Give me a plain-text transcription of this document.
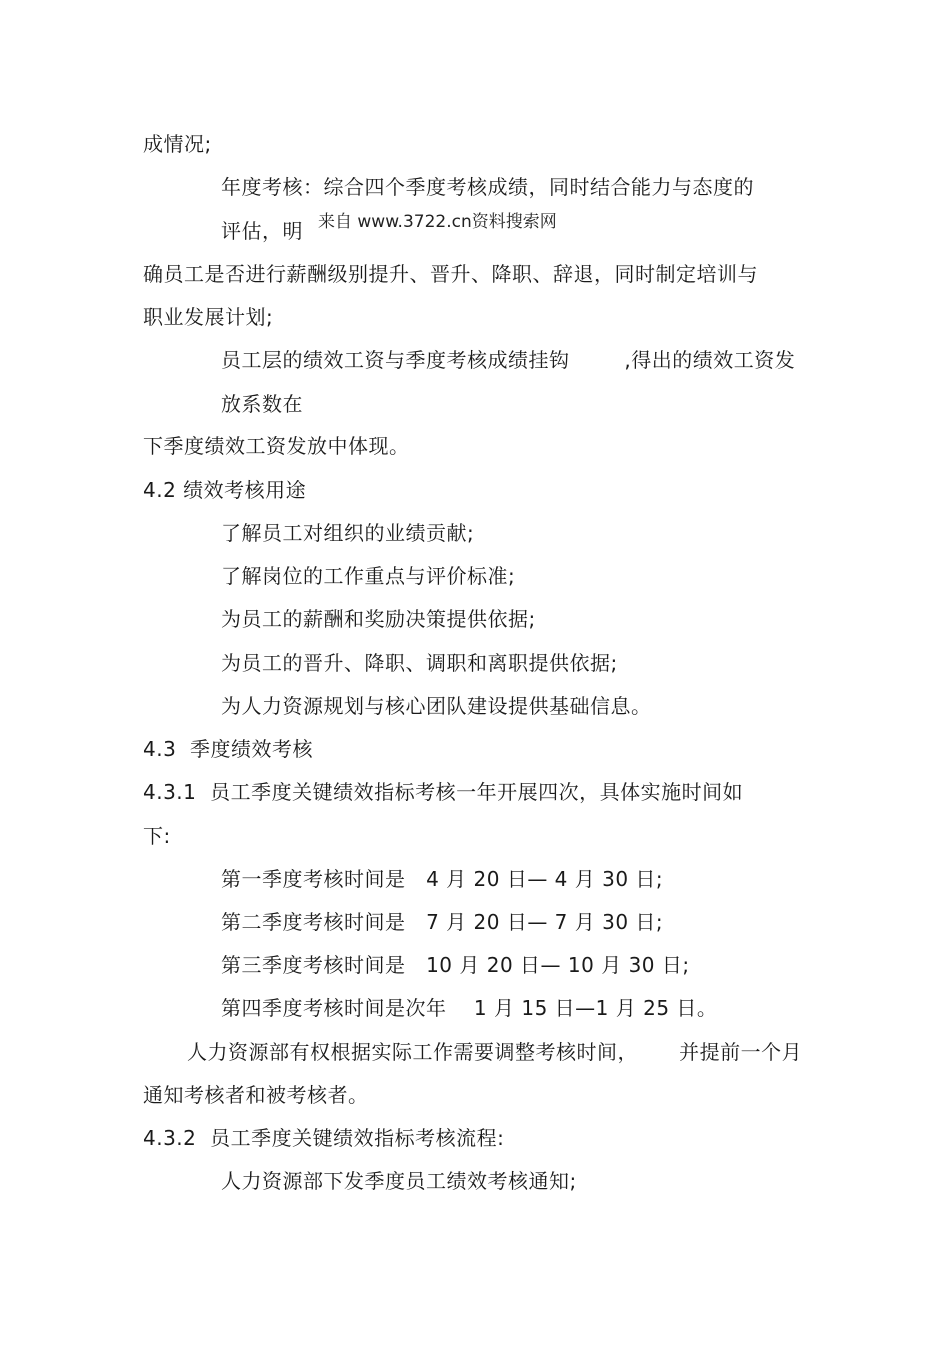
成情况;
年度考核：综合四个季度考核成绩，同时结合能力与态度的
评估，明 来自 www.3722.cn资料搜索网
确员工是否进行薪酬级别提升、晋升、降职、辞退，同时制定培训与
职业发展计划;
员工层的绩效工资与季度考核成绩挂钩        ,得出的绩效工资发
放系数在
下季度绩效工资发放中体现。
4.2 绩效考核用途
了解员工对组织的业绩贡献;
了解岗位的工作重点与评价标准;
为员工的薪酬和奖励决策提供依据;
为员工的晋升、降职、调职和离职提供依据;
为人力资源规划与核心团队建设提供基础信息。
4.3  季度绩效考核
4.3.1  员工季度关键绩效指标考核一年开展四次，具体实施时间如
下:
第一季度考核时间是   4 月 20 日— 4 月 30 日;
第二季度考核时间是   7 月 20 日— 7 月 30 日;
第三季度考核时间是   10 月 20 日— 10 月 30 日;
第四季度考核时间是次年    1 月 15 日—1 月 25 日。
人力资源部有权根据实际工作需要调整考核时间，      并提前一个月
通知考核者和被考核者。
4.3.2  员工季度关键绩效指标考核流程:
人力资源部下发季度员工绩效考核通知;
